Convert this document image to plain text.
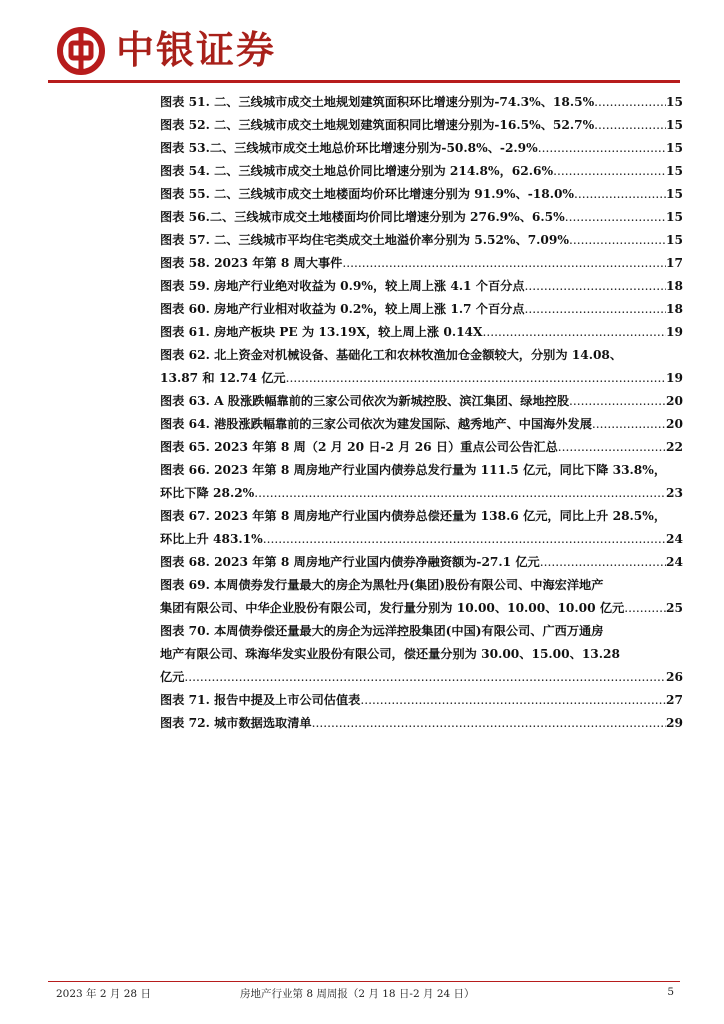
中银证券
图表 51. 二、三线城市成交土地规划建筑面积环比增速分别为-74.3%、18.5% .....	15
图表 52. 二、三线城市成交土地规划建筑面积同比增速分别为-16.5%、52.7% .....	15
图表 53.二、三线城市成交土地总价环比增速分别为-50.8%、-2.9% .....	15
图表 54. 二、三线城市成交土地总价同比增速分别为 214.8%，62.6% .....	15
图表 55. 二、三线城市成交土地楼面均价环比增速分别为 91.9%、-18.0% .....	15
图表 56.二、三线城市成交土地楼面均价同比增速分别为 276.9%、6.5% .....	15
图表 57. 二、三线城市平均住宅类成交土地溢价率分别为 5.52%、7.09% .....	15
图表 58. 2023 年第 8 周大事件 .....	17
图表 59. 房地产行业绝对收益为 0.9%，较上周上涨 4.1 个百分点 .....	18
图表 60. 房地产行业相对收益为 0.2%，较上周上涨 1.7 个百分点 .....	18
图表 61. 房地产板块 PE 为 13.19X，较上周上涨 0.14X .....	19
图表 62. 北上资金对机械设备、基础化工和农林牧渔加仓金额较大，分别为 14.08、
13.87 和 12.74 亿元 .....	19
图表 63. A 股涨跌幅靠前的三家公司依次为新城控股、滨江集团、绿地控股 .....	20
图表 64. 港股涨跌幅靠前的三家公司依次为建发国际、越秀地产、中国海外发展 .....	20
图表 65. 2023 年第 8 周（2 月 20 日-2 月 26 日）重点公司公告汇总 .....	22
图表 66. 2023 年第 8 周房地产行业国内债券总发行量为 111.5 亿元，同比下降 33.8%，
环比下降 28.2% .....	23
图表 67. 2023 年第 8 周房地产行业国内债券总偿还量为 138.6 亿元，同比上升 28.5%，
环比上升 483.1% .....	24
图表 68. 2023 年第 8 周房地产行业国内债券净融资额为-27.1 亿元 .....	24
图表 69. 本周债券发行量最大的房企为黑牡丹(集团)股份有限公司、中海宏洋地产
集团有限公司、中华企业股份有限公司，发行量分别为 10.00、10.00、10.00 亿元 .....	25
图表 70. 本周债券偿还量最大的房企为远洋控股集团(中国)有限公司、广西万通房
地产有限公司、珠海华发实业股份有限公司，偿还量分别为 30.00、15.00、13.28
亿元 .....	26
图表 71. 报告中提及上市公司估值表 .....	27
图表 72. 城市数据选取清单 .....	29
2023 年 2 月 28 日	房地产行业第 8 周周报（2 月 18 日-2 月 24 日）	5
